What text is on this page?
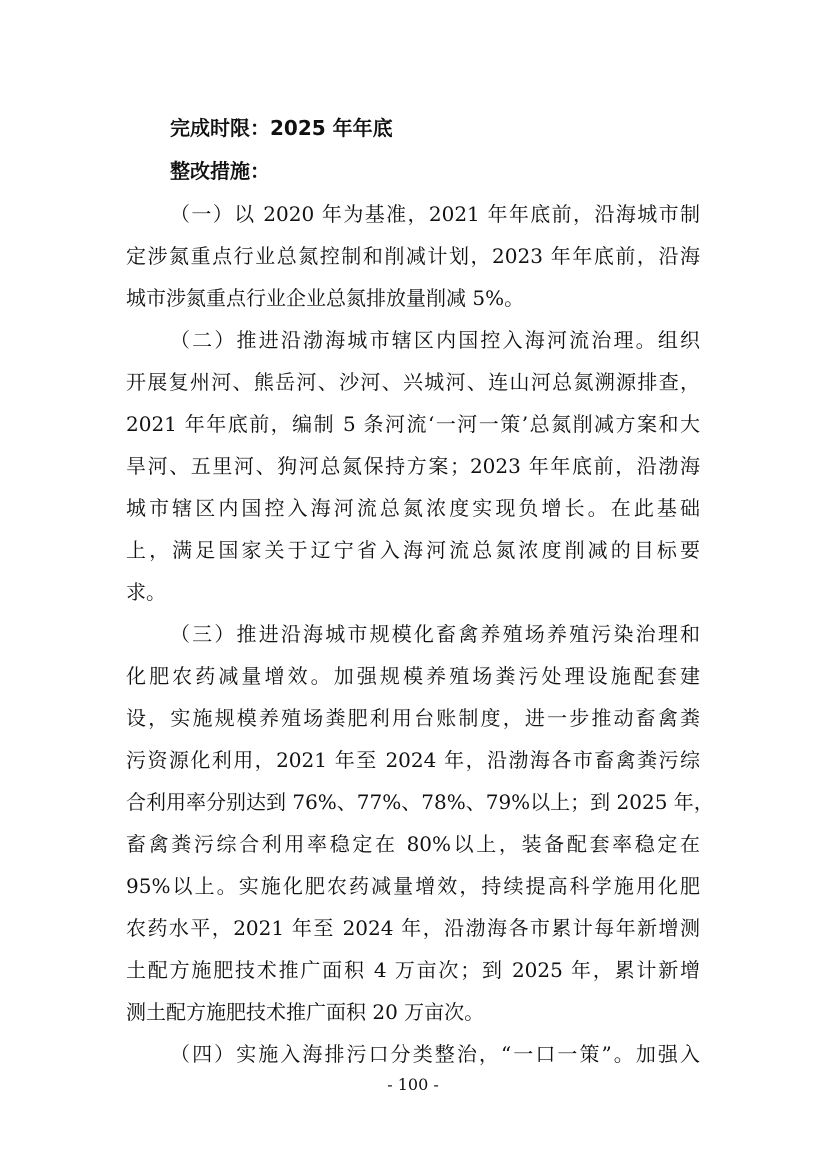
完成时限：2025 年年底
整改措施：
（一）以 2020 年为基准，2021 年年底前，沿海城市制
定涉氮重点行业总氮控制和削减计划，2023 年年底前，沿海
城市涉氮重点行业企业总氮排放量削减 5%。
（二）推进沿渤海城市辖区内国控入海河流治理。组织
开展复州河、熊岳河、沙河、兴城河、连山河总氮溯源排查，
2021 年年底前，编制 5 条河流‘一河一策’总氮削减方案和大
旱河、五里河、狗河总氮保持方案；2023 年年底前，沿渤海
城市辖区内国控入海河流总氮浓度实现负增长。在此基础
上，满足国家关于辽宁省入海河流总氮浓度削减的目标要
求。
（三）推进沿海城市规模化畜禽养殖场养殖污染治理和
化肥农药减量增效。加强规模养殖场粪污处理设施配套建
设，实施规模养殖场粪肥利用台账制度，进一步推动畜禽粪
污资源化利用，2021 年至 2024 年，沿渤海各市畜禽粪污综
合利用率分别达到 76%、77%、78%、79%以上；到 2025 年，
畜禽粪污综合利用率稳定在 80%以上，装备配套率稳定在
95%以上。实施化肥农药减量增效，持续提高科学施用化肥
农药水平，2021 年至 2024 年，沿渤海各市累计每年新增测
土配方施肥技术推广面积 4 万亩次；到 2025 年，累计新增
测土配方施肥技术推广面积 20 万亩次。
（四）实施入海排污口分类整治，“一口一策”。加强入
- 100 -
